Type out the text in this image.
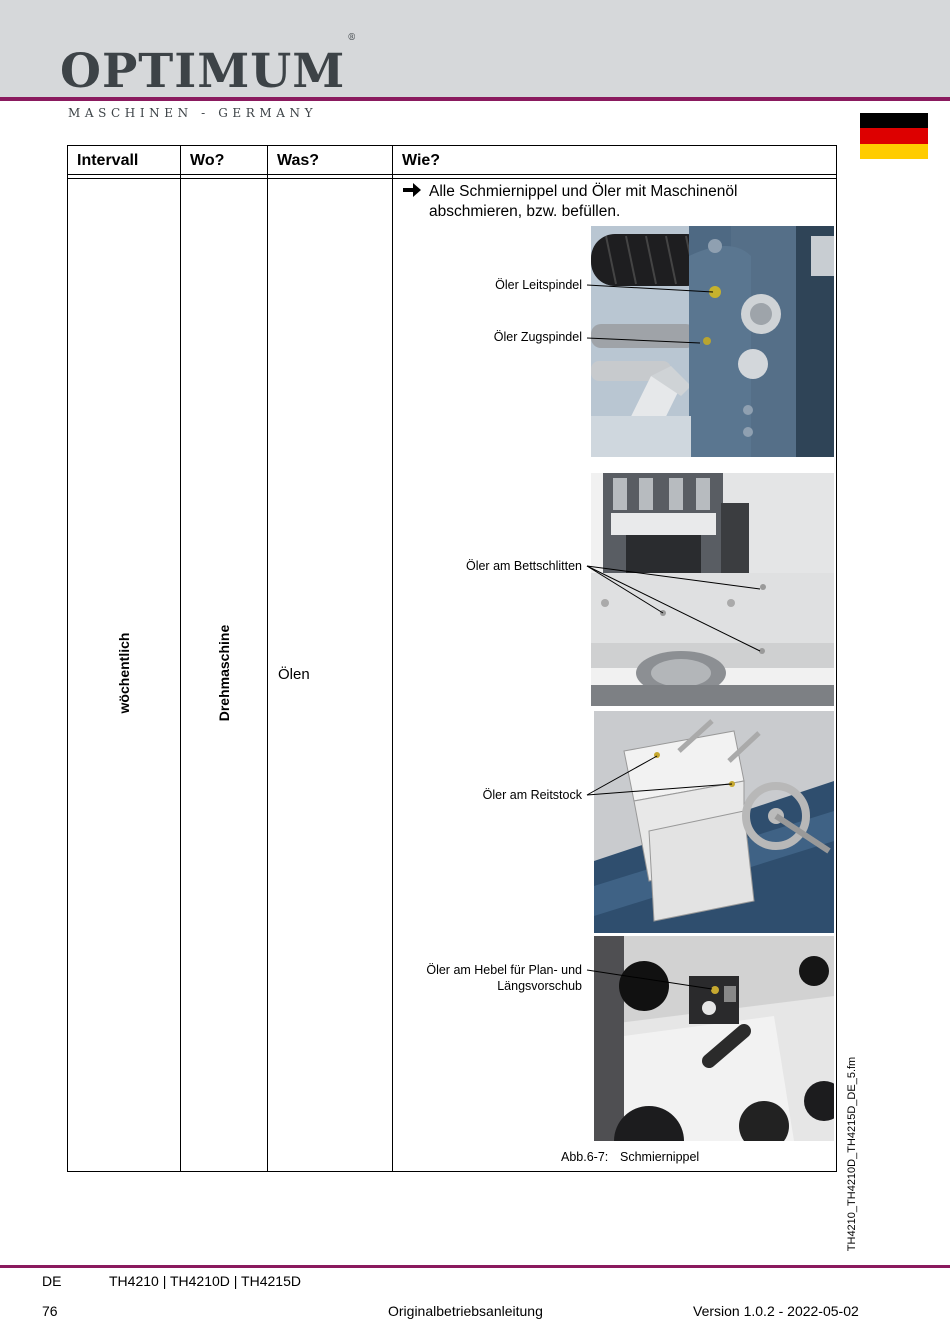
OPTIMUM®
MASCHINEN - GERMANY
Intervall	Wo?	Was?	Wie?
wöchentlich	Drehmaschine	Ölen
Alle Schmiernippel und Öler mit Maschinenöl abschmieren, bzw. befüllen.
Öler Leitspindel
Öler Zugspindel
Öler am Bettschlitten
Öler am Reitstock
Öler am Hebel für Plan- und
Längsvorschub
Abb.6-7: Schmiernippel	TH4210_TH4210D_TH4215D_DE_5.fm
DE	TH4210 | TH4210D | TH4215D
76	Originalbetriebsanleitung	Version 1.0.2 - 2022-05-02
